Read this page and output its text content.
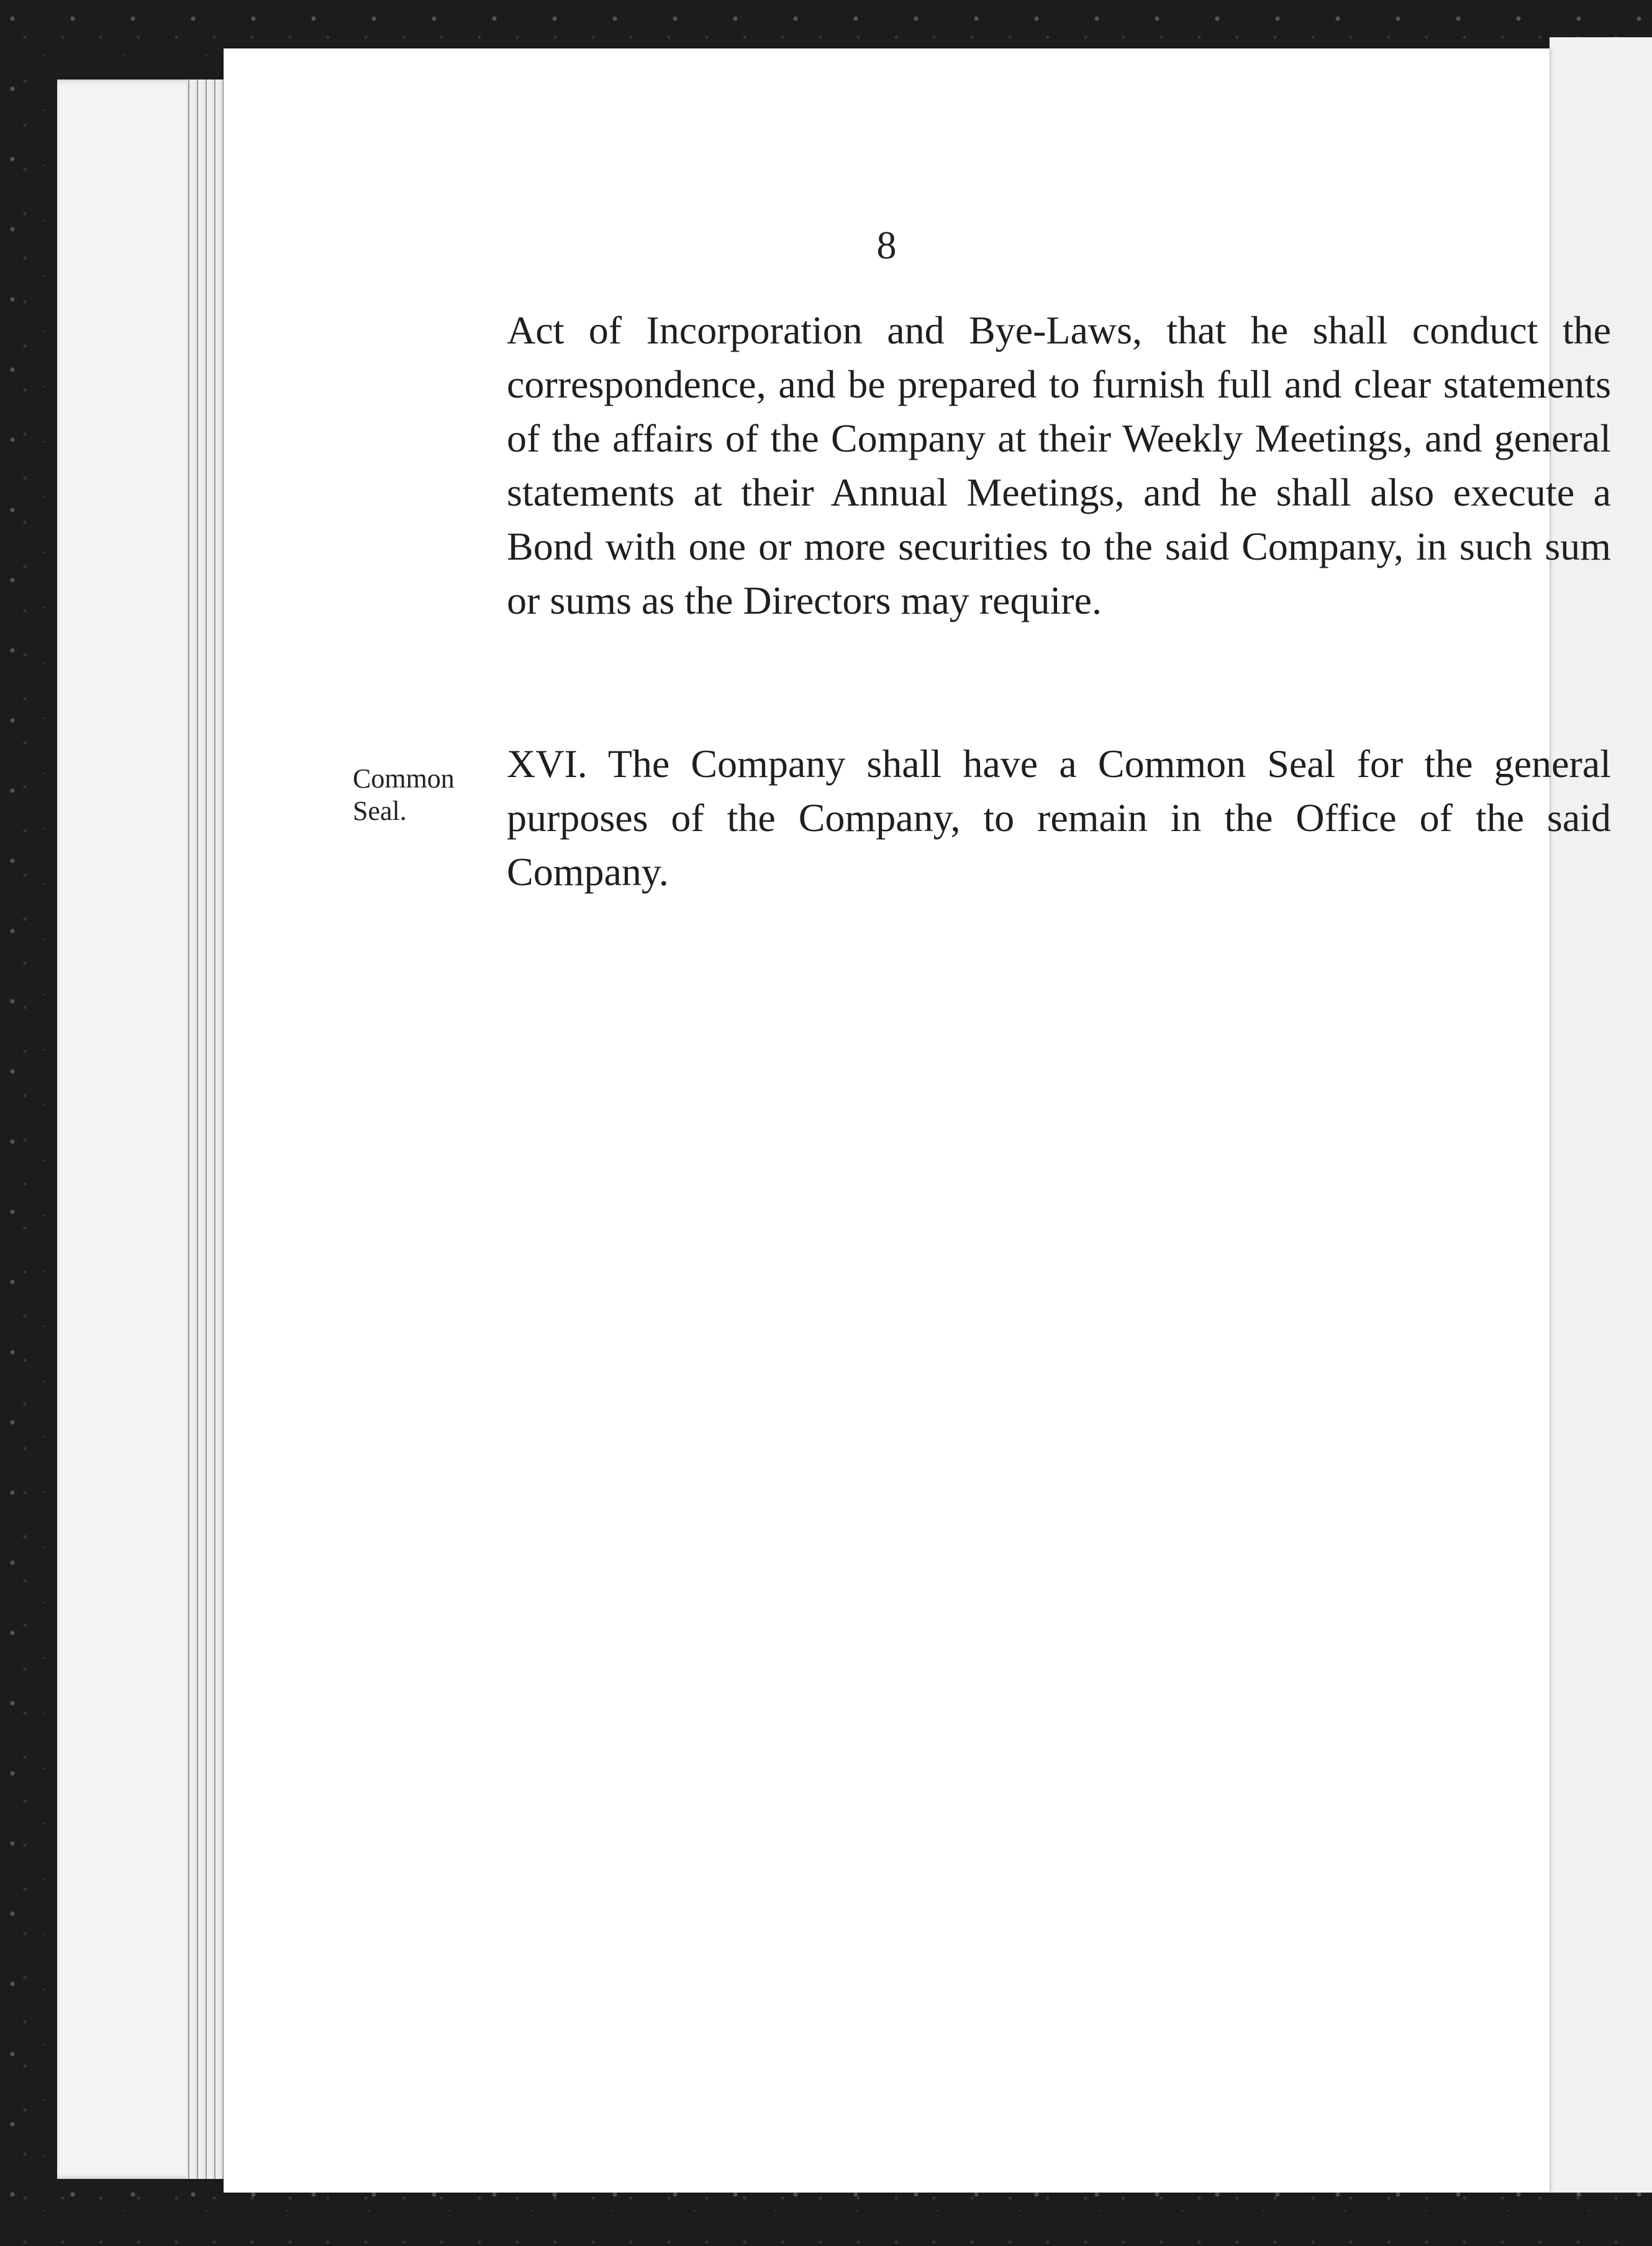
8
Act of Incorporation and Bye-Laws, that he shall conduct the correspondence, and be prepared to furnish full and clear statements of the affairs of the Company at their Weekly Meetings, and general statements at their Annual Meetings, and he shall also execute a Bond with one or more securities to the said Company, in such sum or sums as the Directors may require.
Common
Seal.
XVI. The Company shall have a Common Seal for the general purposes of the Company, to remain in the Office of the said Company.
